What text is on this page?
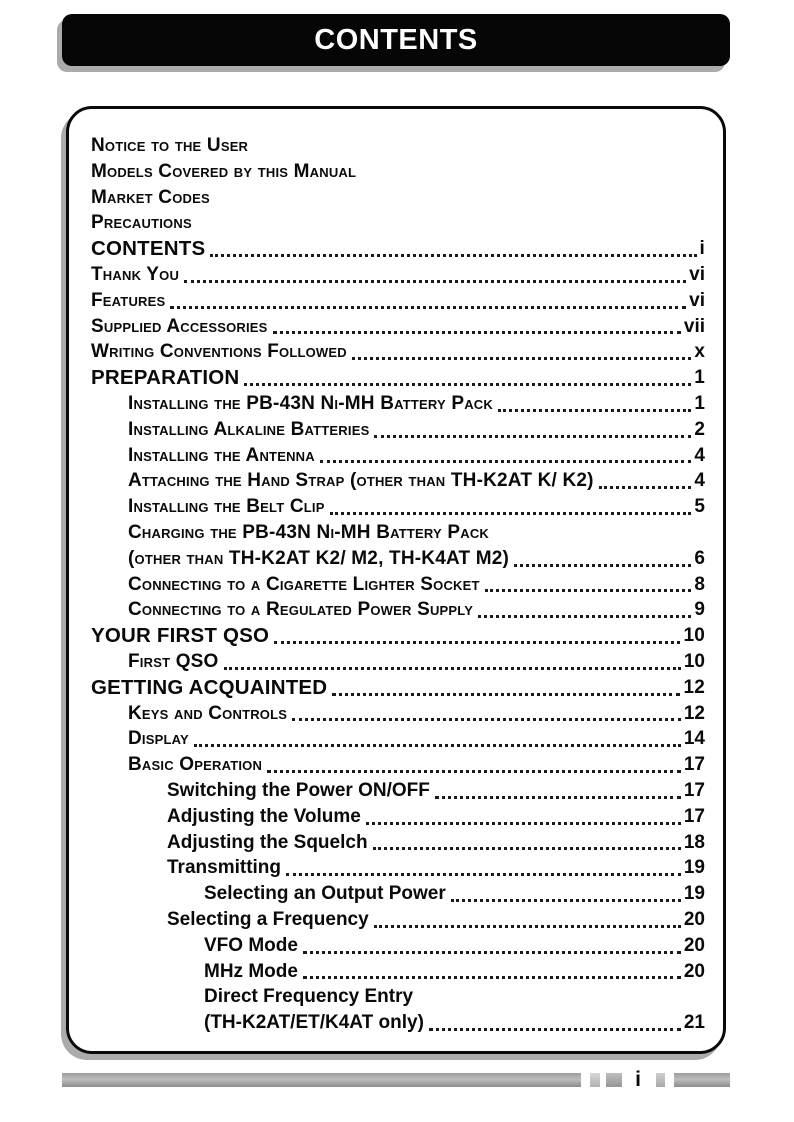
CONTENTS
Notice to the User
Models Covered by this Manual
Market Codes
Precautions
CONTENTS	i
Thank You	vi
Features	vi
Supplied Accessories	vii
Writing Conventions Followed	x
PREPARATION	1
Installing the PB-43N Ni-MH Battery Pack	1
Installing Alkaline Batteries	2
Installing the Antenna	4
Attaching the Hand Strap (other than TH-K2AT K/ K2)	4
Installing the Belt Clip	5
Charging the PB-43N Ni-MH Battery Pack
(other than TH-K2AT K2/ M2, TH-K4AT M2)	6
Connecting to a Cigarette Lighter Socket	8
Connecting to a Regulated Power Supply	9
YOUR FIRST QSO	10
First QSO	10
GETTING ACQUAINTED	12
Keys and Controls	12
Display	14
Basic Operation	17
Switching the Power ON/OFF	17
Adjusting the Volume	17
Adjusting the Squelch	18
Transmitting	19
Selecting an Output Power	19
Selecting a Frequency	20
VFO Mode	20
MHz Mode	20
Direct Frequency Entry
(TH-K2AT/ET/K4AT only)	21
i
